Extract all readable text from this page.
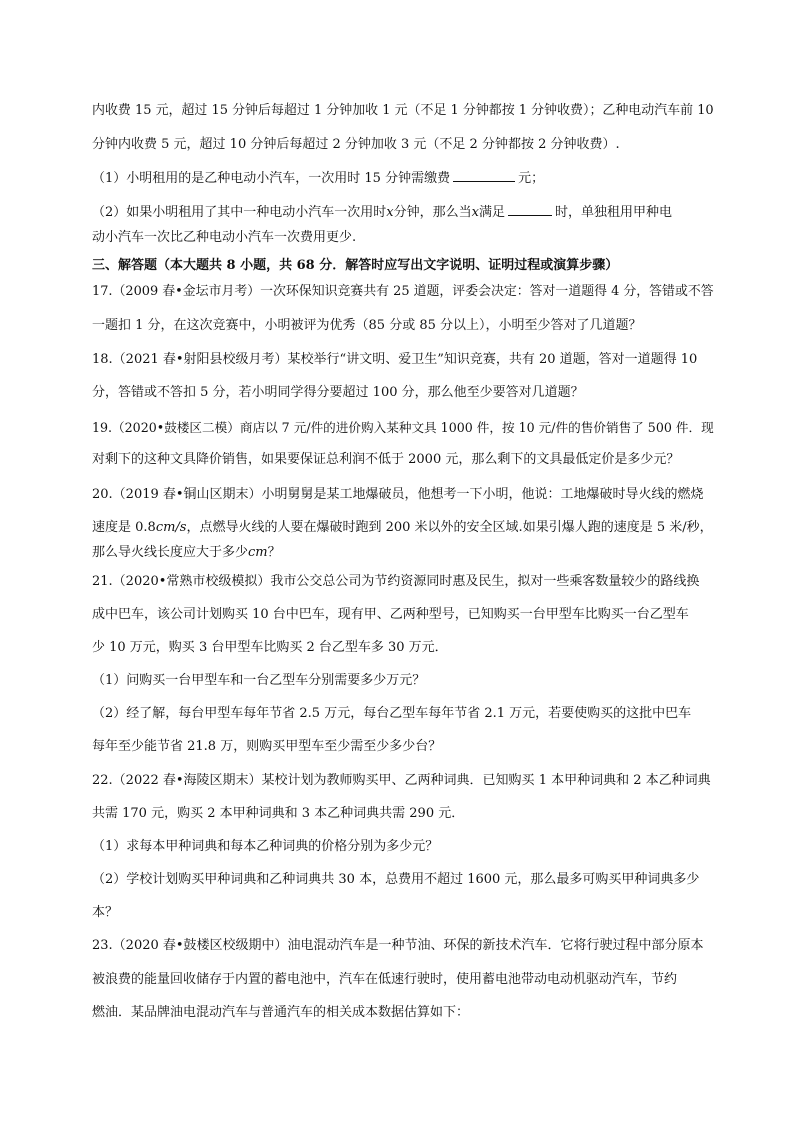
内收费 15 元，超过 15 分钟后每超过 1 分钟加收 1 元（不足 1 分钟都按 1 分钟收费）；乙种电动汽车前 10
分钟内收费 5 元，超过 10 分钟后每超过 2 分钟加收 3 元（不足 2 分钟都按 2 分钟收费）.
（1）小明租用的是乙种电动小汽车，一次用时 15 分钟需缴费	元；
（2）如果小明租用了其中一种电动小汽车一次用时x分钟，那么当x满足	时，单独租用甲种电
动小汽车一次比乙种电动小汽车一次费用更少.
三、解答题（本大题共 8 小题，共 68 分．解答时应写出文字说明、证明过程或演算步骤）
17.（2009 春•金坛市月考）一次环保知识竞赛共有 25 道题，评委会决定：答对一道题得 4 分，答错或不答
一题扣 1 分，在这次竞赛中，小明被评为优秀（85 分或 85 分以上），小明至少答对了几道题？
18.（2021 春•射阳县校级月考）某校举行“讲文明、爱卫生”知识竞赛，共有 20 道题，答对一道题得 10
分，答错或不答扣 5 分，若小明同学得分要超过 100 分，那么他至少要答对几道题？
19.（2020•鼓楼区二模）商店以 7 元/件的进价购入某种文具 1000 件，按 10 元/件的售价销售了 500 件．现
对剩下的这种文具降价销售，如果要保证总利润不低于 2000 元，那么剩下的文具最低定价是多少元？
20.（2019 春•铜山区期末）小明舅舅是某工地爆破员，他想考一下小明，他说：工地爆破时导火线的燃烧
速度是 0.8cm/s，点燃导火线的人要在爆破时跑到 200 米以外的安全区域.如果引爆人跑的速度是 5 米/秒，
那么导火线长度应大于多少cm？
21.（2020•常熟市校级模拟）我市公交总公司为节约资源同时惠及民生，拟对一些乘客数量较少的路线换
成中巴车，该公司计划购买 10 台中巴车，现有甲、乙两种型号，已知购买一台甲型车比购买一台乙型车
少 10 万元，购买 3 台甲型车比购买 2 台乙型车多 30 万元．
（1）问购买一台甲型车和一台乙型车分别需要多少万元？
（2）经了解，每台甲型车每年节省 2.5 万元，每台乙型车每年节省 2.1 万元，若要使购买的这批中巴车
每年至少能节省 21.8 万，则购买甲型车至少需至少多少台？
22.（2022 春•海陵区期末）某校计划为教师购买甲、乙两种词典．已知购买 1 本甲种词典和 2 本乙种词典
共需 170 元，购买 2 本甲种词典和 3 本乙种词典共需 290 元．
（1）求每本甲种词典和每本乙种词典的价格分别为多少元？
（2）学校计划购买甲种词典和乙种词典共 30 本，总费用不超过 1600 元，那么最多可购买甲种词典多少
本？
23.（2020 春•鼓楼区校级期中）油电混动汽车是一种节油、环保的新技术汽车．它将行驶过程中部分原本
被浪费的能量回收储存于内置的蓄电池中，汽车在低速行驶时，使用蓄电池带动电动机驱动汽车，节约
燃油．某品牌油电混动汽车与普通汽车的相关成本数据估算如下：
